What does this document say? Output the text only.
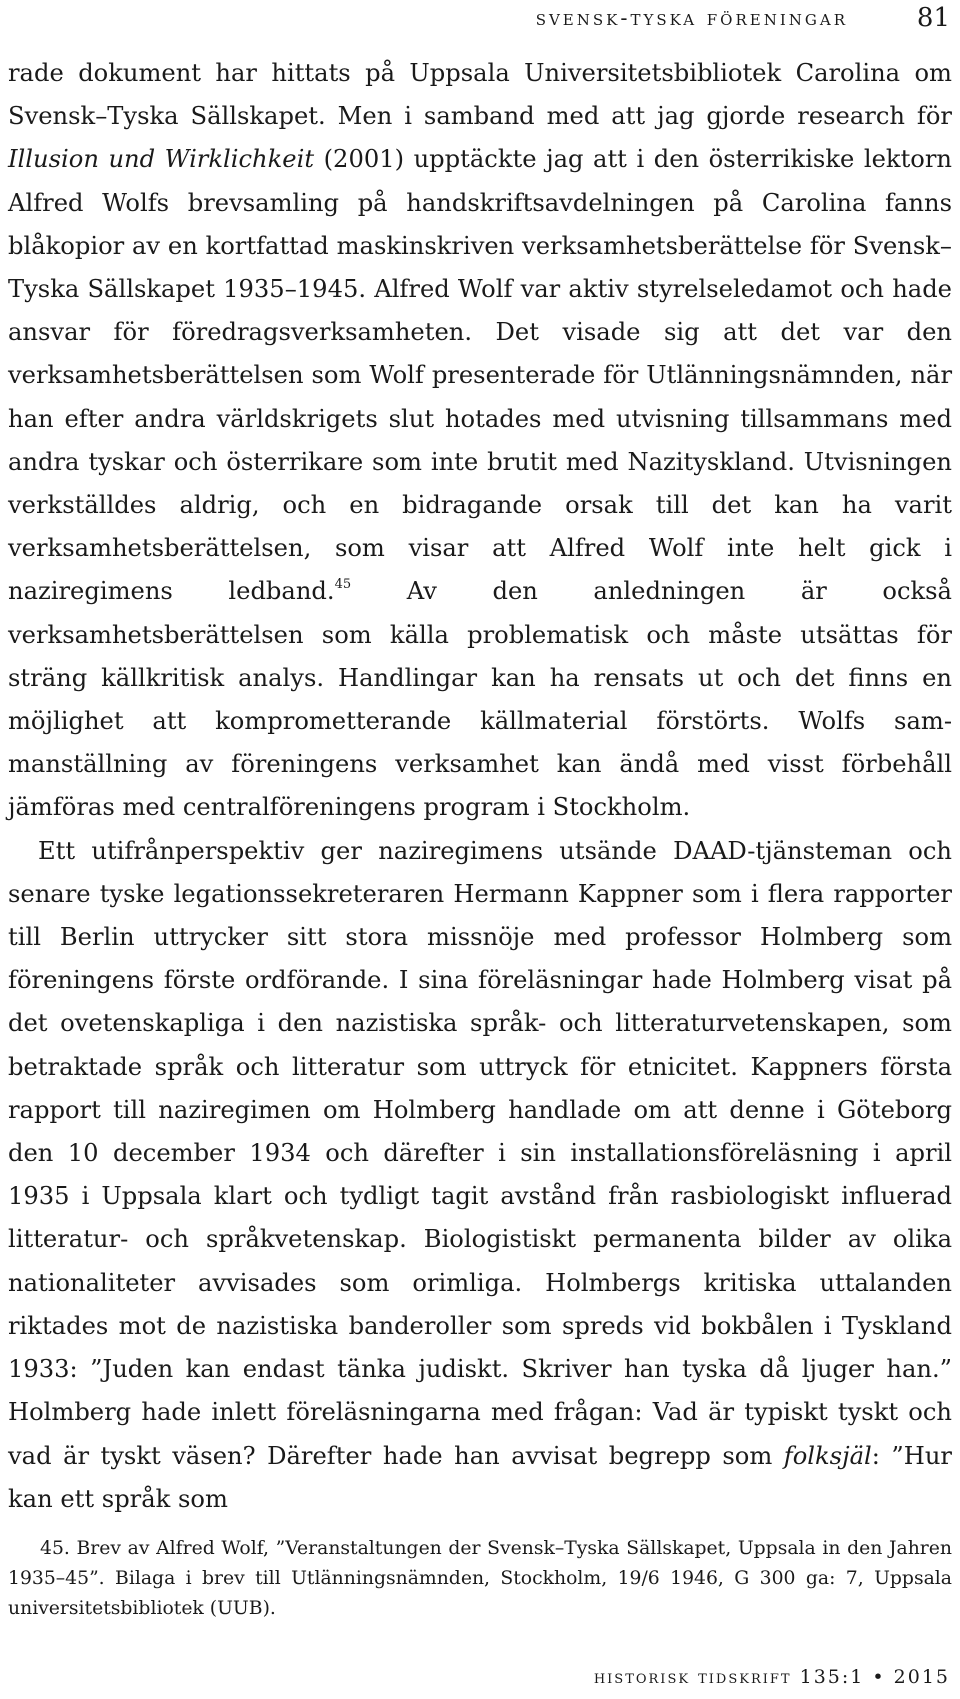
svensk-tyska föreningar	81

rade dokument har hittats på Uppsala Universitetsbibliotek Carolina om Svensk–Tyska Sällskapet. Men i samband med att jag gjorde research för Illusion und Wirklichkeit (2001) upptäckte jag att i den österrikiske lektorn Alfred Wolfs brevsamling på handskriftsavdelningen på Carolina fanns blåkopior av en kortfattad maskinskriven verksamhetsberättelse för Svensk–Tyska Sällskapet 1935–1945. Alfred Wolf var aktiv styrelseledamot och hade ansvar för föredragsverksamheten. Det visade sig att det var den verksamhetsberättelsen som Wolf presenterade för Utlänningsnämnden, när han efter andra världskrigets slut hotades med utvisning tillsammans med andra tyskar och österrikare som inte brutit med Nazityskland. Utvisningen verkställdes aldrig, och en bidragande orsak till det kan ha varit verksamhetsberättelsen, som visar att Alfred Wolf inte helt gick i naziregimens ledband.$^{45}$ Av den anledningen är också verksamhetsberättelsen som källa problematisk och måste utsättas för sträng källkritisk analys. Handlingar kan ha rensats ut och det finns en möjlighet att komprometterande källmaterial förstörts. Wolfs sammanställning av föreningens verksamhet kan ändå med visst förbehåll jämföras med centralföreningens program i Stockholm.

Ett utifrånperspektiv ger naziregimens utsände DAAD-tjänsteman och senare tyske legationssekreteraren Hermann Kappner som i flera rapporter till Berlin uttrycker sitt stora missnöje med professor Holmberg som föreningens förste ordförande. I sina föreläsningar hade Holmberg visat på det ovetenskapliga i den nazistiska språk- och litteraturvetenskapen, som betraktade språk och litteratur som uttryck för etnicitet. Kappners första rapport till naziregimen om Holmberg handlade om att denne i Göteborg den 10 december 1934 och därefter i sin installationsföreläsning i april 1935 i Uppsala klart och tydligt tagit avstånd från rasbiologiskt influerad litteratur- och språkvetenskap. Biologistiskt permanenta bilder av olika nationaliteter avvisades som orimliga. Holmbergs kritiska uttalanden riktades mot de nazistiska banderoller som spreds vid bokbålen i Tyskland 1933: ”Juden kan endast tänka judiskt. Skriver han tyska då ljuger han.” Holmberg hade inlett föreläsningarna med frågan: Vad är typiskt tyskt och vad är tyskt väsen? Därefter hade han avvisat begrepp som folksjäl: ”Hur kan ett språk som

45. Brev av Alfred Wolf, ”Veranstaltungen der Svensk–Tyska Sällskapet, Uppsala in den Jahren 1935–45”. Bilaga i brev till Utlänningsnämnden, Stockholm, 19/6 1946, G 300 ga: 7, Uppsala universitetsbibliotek (UUB).

historisk tidskrift 135:1 • 2015
